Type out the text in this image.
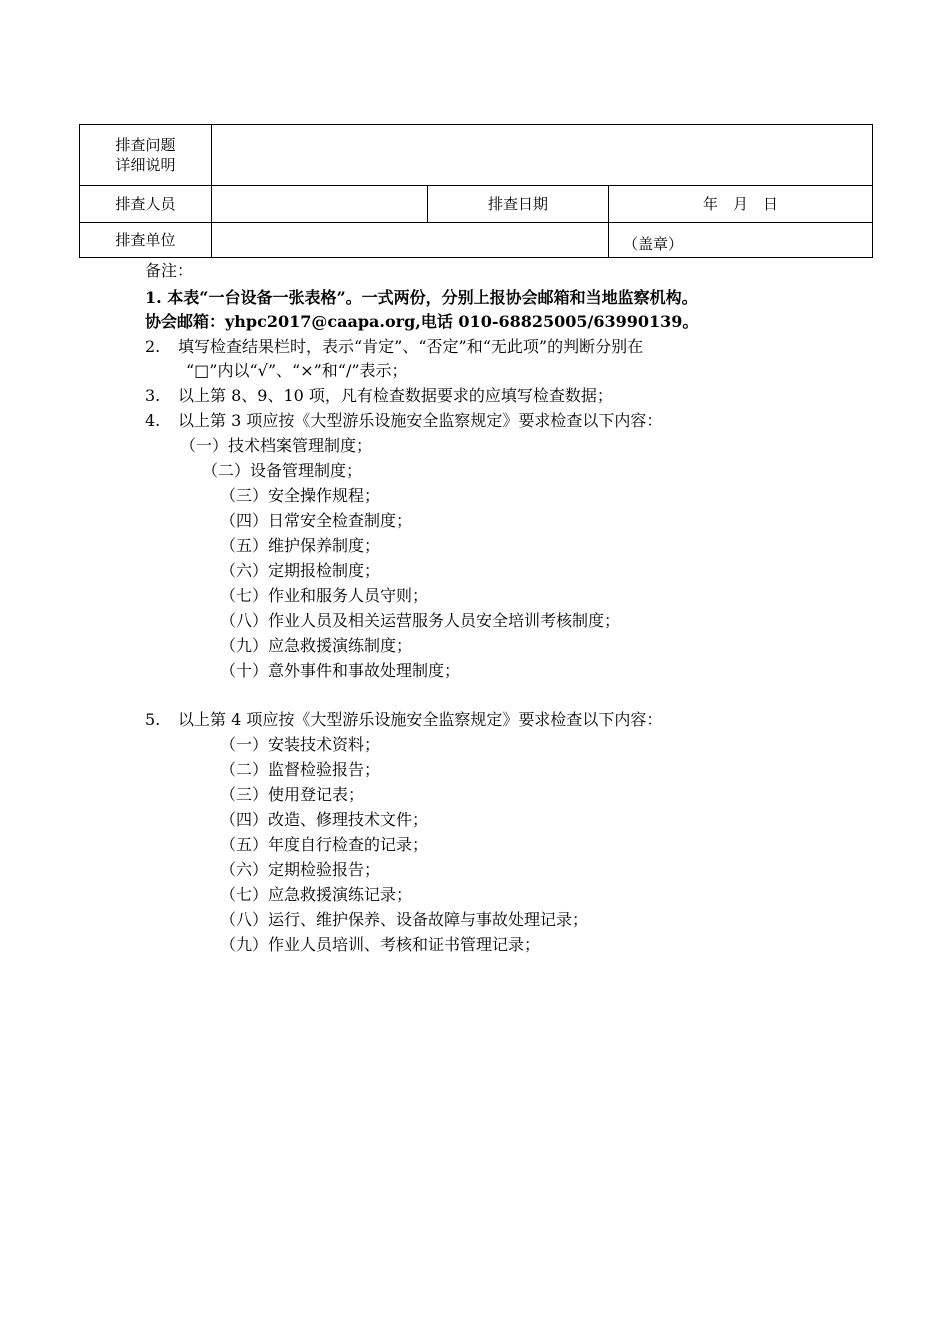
排查问题
详细说明			

排查人员		排查日期	年　月　日
排查单位			（盖章）
备注：
1. 本表“一台设备一张表格”。一式两份，分别上报协会邮箱和当地监察机构。
协会邮箱：yhpc2017@caapa.org,电话 010-68825005/63990139。
2. 填写检查结果栏时，表示“肯定”、“否定”和“无此项”的判断分别在
“□”内以“√”、“×”和“/”表示；
3. 以上第 8、9、10 项，凡有检查数据要求的应填写检查数据；
4. 以上第 3 项应按《大型游乐设施安全监察规定》要求检查以下内容：
（一）技术档案管理制度；
（二）设备管理制度；
（三）安全操作规程；
（四）日常安全检查制度；
（五）维护保养制度；
（六）定期报检制度；
（七）作业和服务人员守则；
（八）作业人员及相关运营服务人员安全培训考核制度；
（九）应急救援演练制度；
（十）意外事件和事故处理制度；
5. 以上第 4 项应按《大型游乐设施安全监察规定》要求检查以下内容：
（一）安装技术资料；
（二）监督检验报告；
（三）使用登记表；
（四）改造、修理技术文件；
（五）年度自行检查的记录；
（六）定期检验报告；
（七）应急救援演练记录；
（八）运行、维护保养、设备故障与事故处理记录；
（九）作业人员培训、考核和证书管理记录；
